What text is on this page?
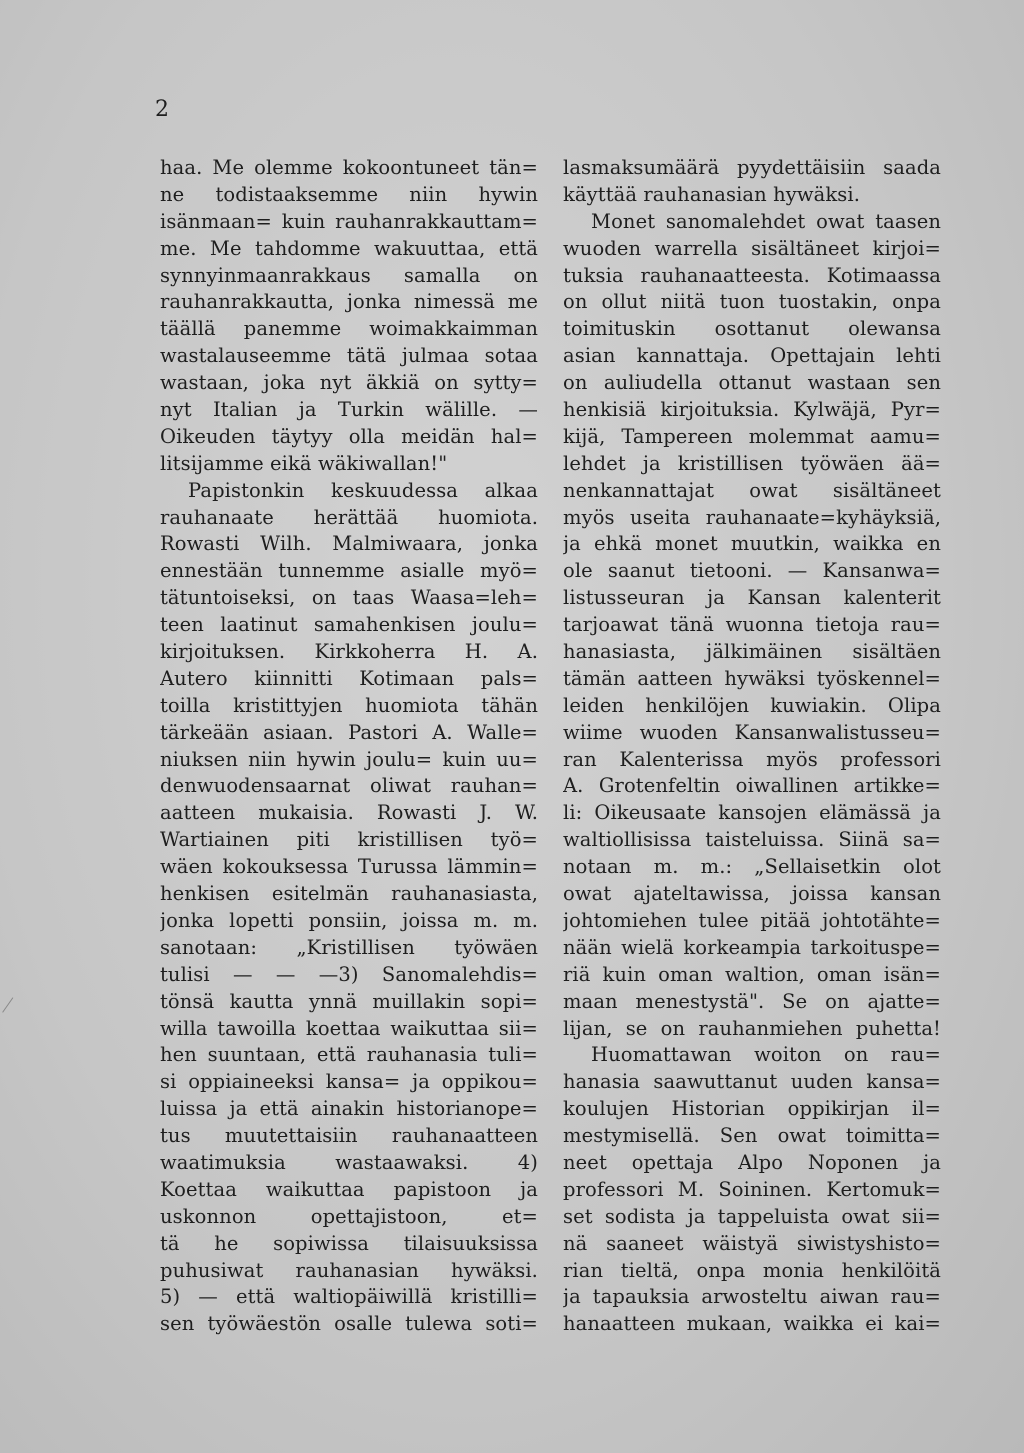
2
haa. Me olemme kokoontuneet tän=
ne todistaaksemme niin hywin
isänmaan= kuin rauhanrakkauttam=
me. Me tahdomme wakuuttaa, että
synnyinmaanrakkaus samalla on
rauhanrakkautta, jonka nimessä me
täällä panemme woimakkaimman
wastalauseemme tätä julmaa sotaa
wastaan, joka nyt äkkiä on sytty=
nyt Italian ja Turkin wälille. —
Oikeuden täytyy olla meidän hal=
litsijamme eikä wäkiwallan!"
Papistonkin keskuudessa alkaa
rauhanaate herättää huomiota.
Rowasti Wilh. Malmiwaara, jonka
ennestään tunnemme asialle myö=
tätuntoiseksi, on taas Waasa=leh=
teen laatinut samahenkisen joulu=
kirjoituksen. Kirkkoherra H. A.
Autero kiinnitti Kotimaan pals=
toilla kristittyjen huomiota tähän
tärkeään asiaan. Pastori A. Walle=
niuksen niin hywin joulu= kuin uu=
denwuodensaarnat oliwat rauhan=
aatteen mukaisia. Rowasti J. W.
Wartiainen piti kristillisen työ=
wäen kokouksessa Turussa lämmin=
henkisen esitelmän rauhanasiasta,
jonka lopetti ponsiin, joissa m. m.
sanotaan: „Kristillisen työwäen
tulisi — — —3) Sanomalehdis=
tönsä kautta ynnä muillakin sopi=
willa tawoilla koettaa waikuttaa sii=
hen suuntaan, että rauhanasia tuli=
si oppiaineeksi kansa= ja oppikou=
luissa ja että ainakin historianope=
tus muutettaisiin rauhanaatteen
waatimuksia wastaawaksi. 4)
Koettaa waikuttaa papistoon ja
uskonnon opettajistoon, et=
tä he sopiwissa tilaisuuksissa
puhusiwat rauhanasian hywäksi.
5) — että waltiopäiwillä kristilli=
sen työwäestön osalle tulewa soti=
lasmaksumäärä pyydettäisiin saada
käyttää rauhanasian hywäksi.
Monet sanomalehdet owat taasen
wuoden warrella sisältäneet kirjoi=
tuksia rauhanaatteesta. Kotimaassa
on ollut niitä tuon tuostakin, onpa
toimituskin osottanut olewansa
asian kannattaja. Opettajain lehti
on auliudella ottanut wastaan sen
henkisiä kirjoituksia. Kylwäjä, Pyr=
kijä, Tampereen molemmat aamu=
lehdet ja kristillisen työwäen ää=
nenkannattajat owat sisältäneet
myös useita rauhanaate=kyhäyksiä,
ja ehkä monet muutkin, waikka en
ole saanut tietooni. — Kansanwa=
listusseuran ja Kansan kalenterit
tarjoawat tänä wuonna tietoja rau=
hanasiasta, jälkimäinen sisältäen
tämän aatteen hywäksi työskennel=
leiden henkilöjen kuwiakin. Olipa
wiime wuoden Kansanwalistusseu=
ran Kalenterissa myös professori
A. Grotenfeltin oiwallinen artikke=
li: Oikeusaate kansojen elämässä ja
waltiollisissa taisteluissa. Siinä sa=
notaan m. m.: „Sellaisetkin olot
owat ajateltawissa, joissa kansan
johtomiehen tulee pitää johtotähte=
nään wielä korkeampia tarkoituspe=
riä kuin oman waltion, oman isän=
maan menestystä". Se on ajatte=
lijan, se on rauhanmiehen puhetta!
Huomattawan woiton on rau=
hanasia saawuttanut uuden kansa=
koulujen Historian oppikirjan il=
mestymisellä. Sen owat toimitta=
neet opettaja Alpo Noponen ja
professori M. Soininen. Kertomuk=
set sodista ja tappeluista owat sii=
nä saaneet wäistyä siwistyshisto=
rian tieltä, onpa monia henkilöitä
ja tapauksia arwosteltu aiwan rau=
hanaatteen mukaan, waikka ei kai=
